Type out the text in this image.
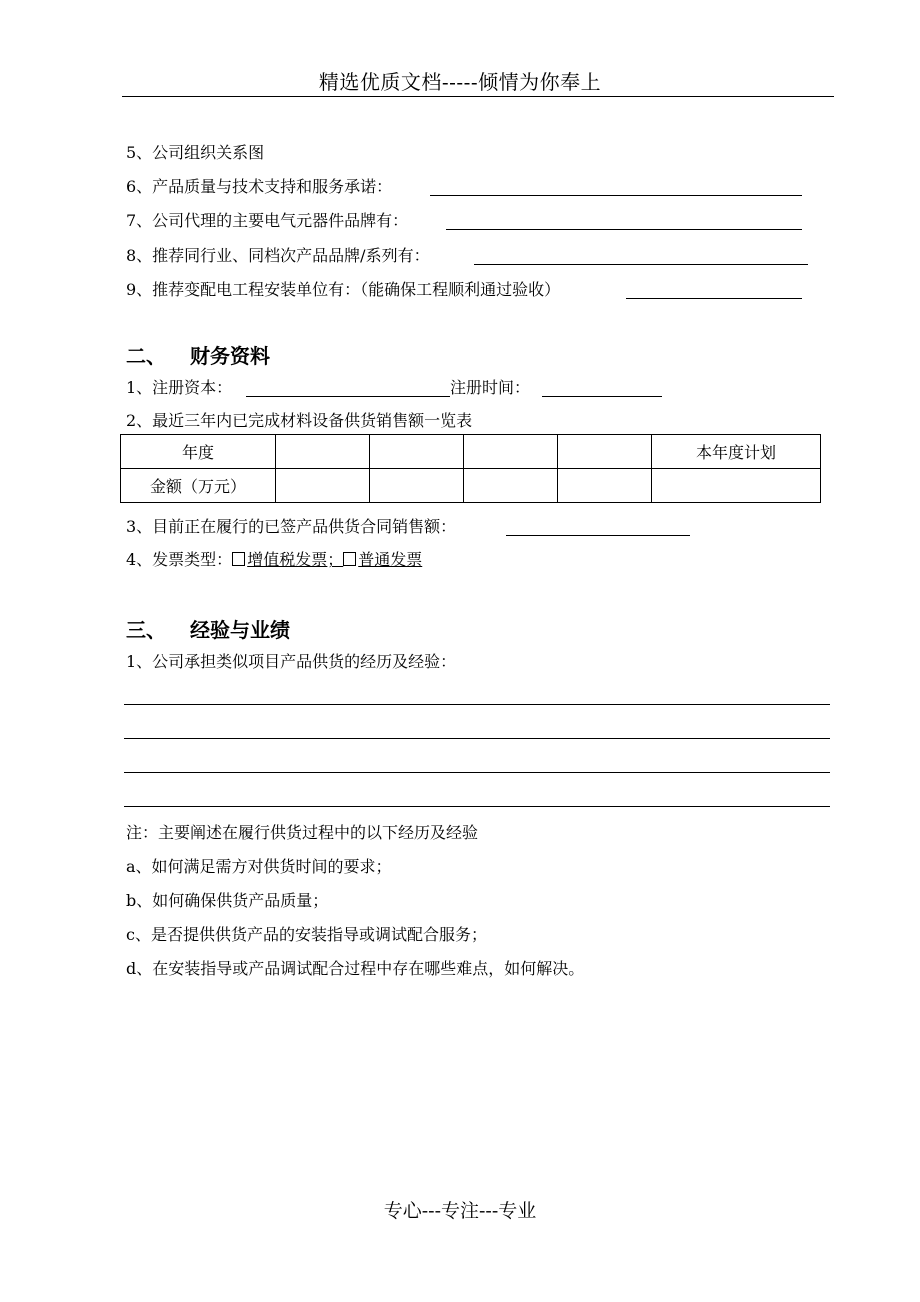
精选优质文档-----倾情为你奉上
5、公司组织关系图
6、产品质量与技术支持和服务承诺：
7、公司代理的主要电气元器件品牌有：
8、推荐同行业、同档次产品品牌/系列有：
9、推荐变配电工程安装单位有：（能确保工程顺利通过验收）
二、 财务资料
1、注册资本：	注册时间：
2、最近三年内已完成材料设备供货销售额一览表
年度					本年度计划
金额（万元）					
3、目前正在履行的已签产品供货合同销售额：
4、发票类型： 增值税发票； 普通发票
三、 经验与业绩
1、公司承担类似项目产品供货的经历及经验：
注：主要阐述在履行供货过程中的以下经历及经验
a、如何满足需方对供货时间的要求；
b、如何确保供货产品质量；
c、是否提供供货产品的安装指导或调试配合服务；
d、在安装指导或产品调试配合过程中存在哪些难点，如何解决。
专心---专注---专业
